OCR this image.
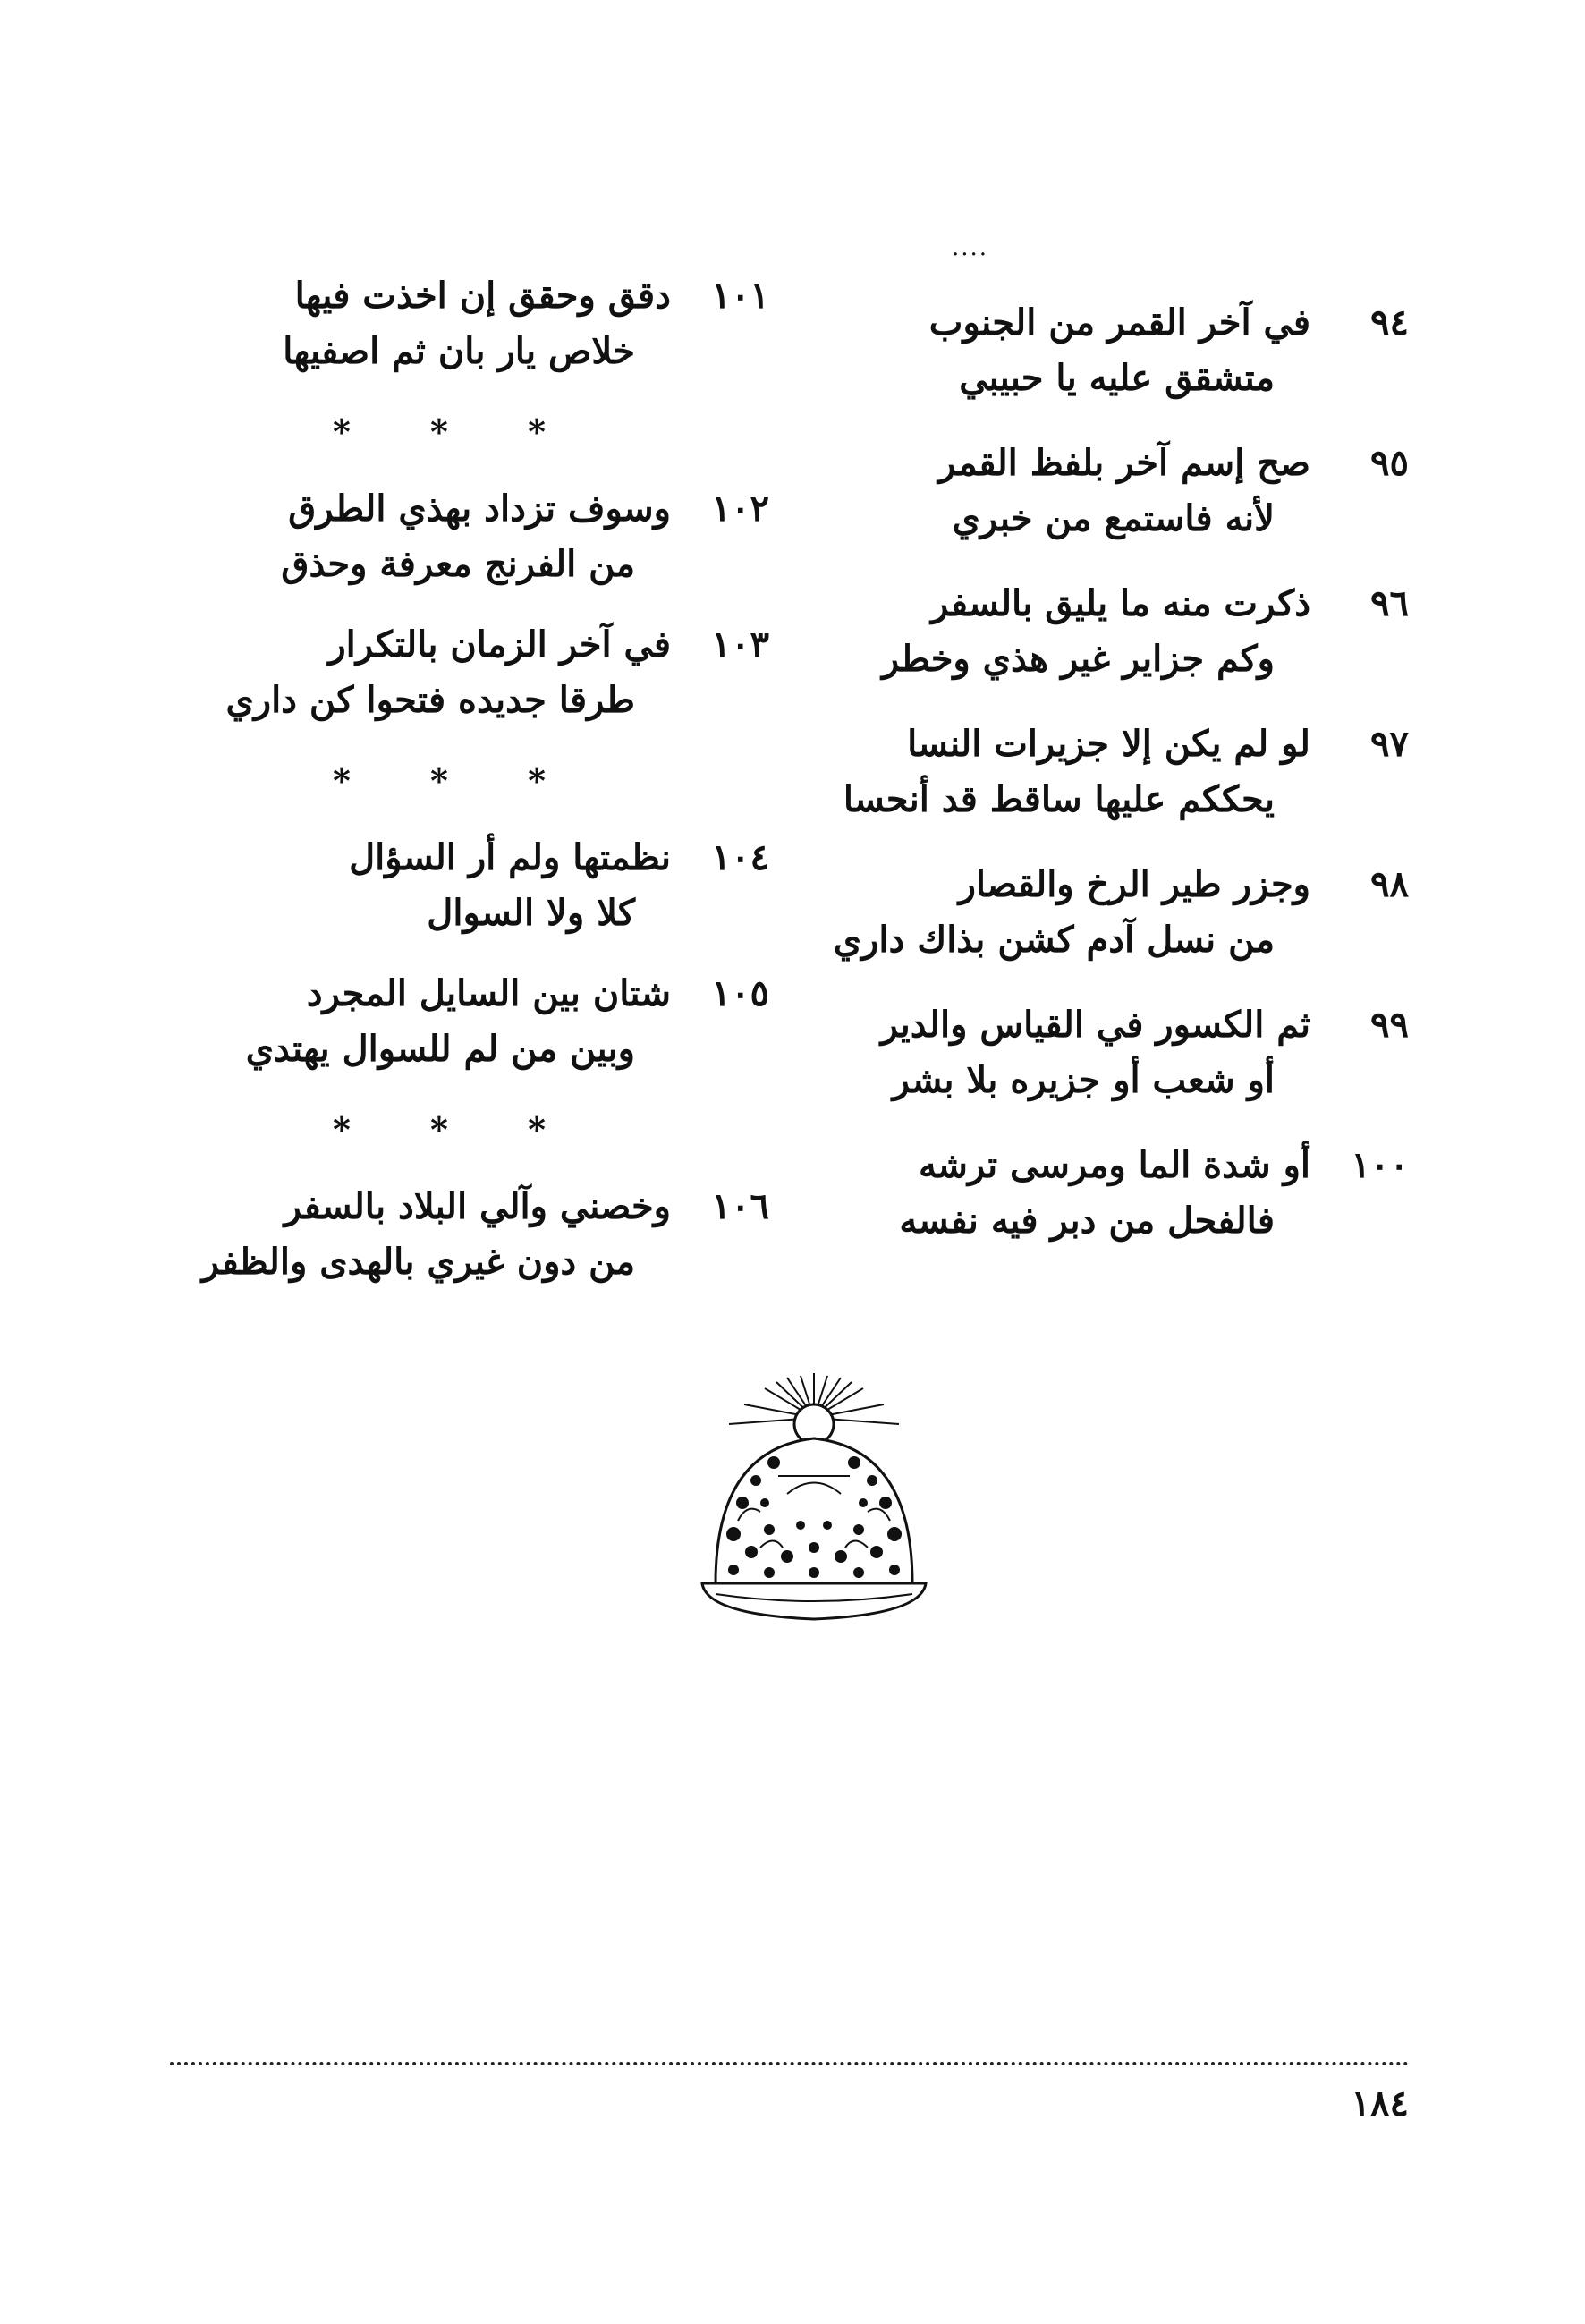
....
٩٤
في آخر القمر من الجنوب
متشقق عليه يا حبيبي
٩٥
صح إسم آخر بلفظ القمر
لأنه فاستمع من خبري
٩٦
ذكرت منه ما يليق بالسفر
وكم جزاير غير هذي وخطر
٩٧
لو لم يكن إلا جزيرات النسا
يحككم عليها ساقط قد أنحسا
٩٨
وجزر طير الرخ والقصار
من نسل آدم كشن بذاك داري
٩٩
ثم الكسور في القياس والدير
أو شعب أو جزيره بلا بشر
١٠٠
أو شدة الما ومرسى ترشه
فالفحل من دبر فيه نفسه
١٠١
دقق وحقق إن اخذت فيها
خلاص يار بان ثم اصفيها
* * *
١٠٢
وسوف تزداد بهذي الطرق
من الفرنج معرفة وحذق
١٠٣
في آخر الزمان بالتكرار
طرقا جديده فتحوا كن داري
* * *
١٠٤
نظمتها ولم أر السؤال
كلا ولا السوال
١٠٥
شتان بين السايل المجرد
وبين من لم للسوال يهتدي
* * *
١٠٦
وخصني وآلي البلاد بالسفر
من دون غيري بالهدى والظفر
١٨٤
